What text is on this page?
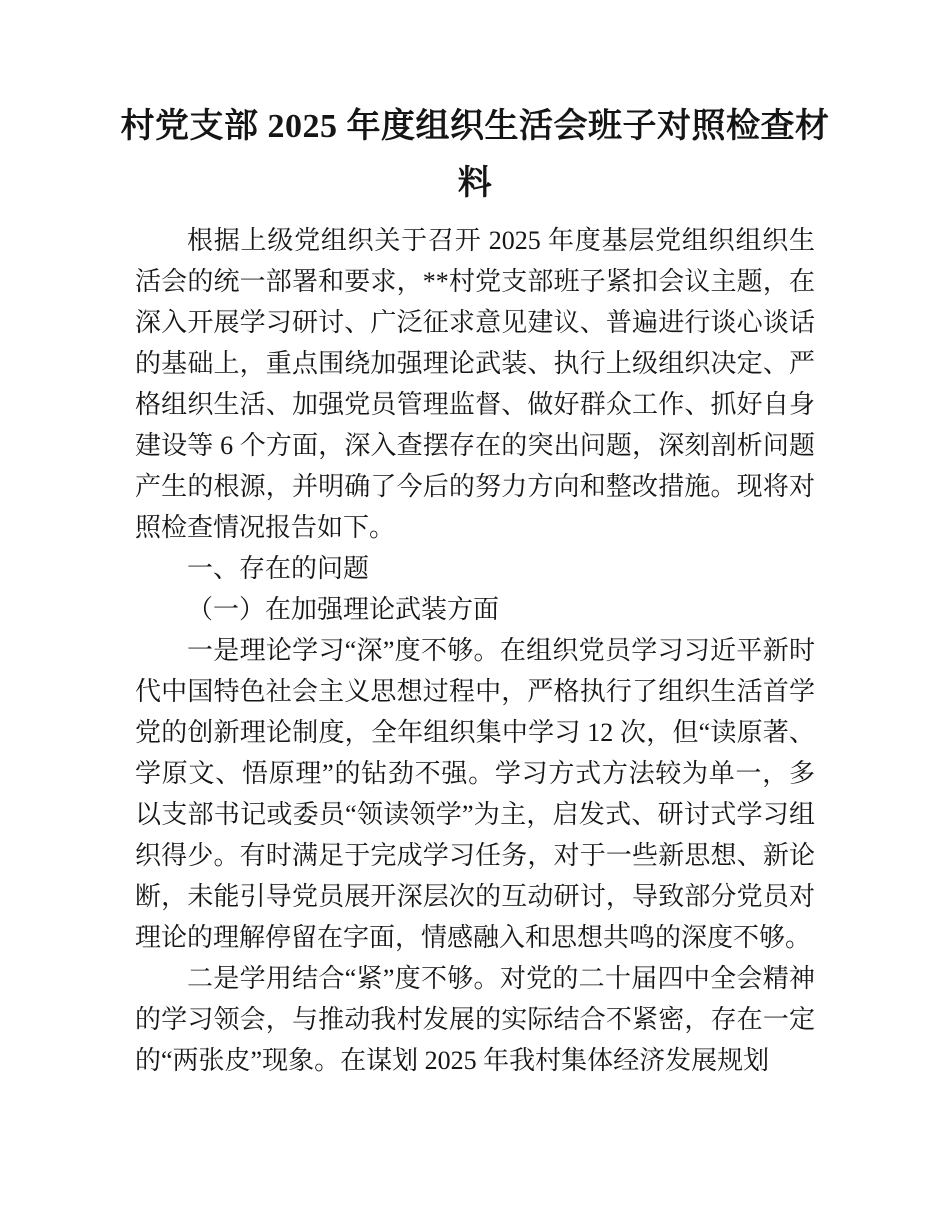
村党支部 2025 年度组织生活会班子对照检查材料

根据上级党组织关于召开 2025 年度基层党组织组织生活会的统一部署和要求，**村党支部班子紧扣会议主题，在深入开展学习研讨、广泛征求意见建议、普遍进行谈心谈话的基础上，重点围绕加强理论武装、执行上级组织决定、严格组织生活、加强党员管理监督、做好群众工作、抓好自身建设等 6 个方面，深入查摆存在的突出问题，深刻剖析问题产生的根源，并明确了今后的努力方向和整改措施。现将对照检查情况报告如下。

一、存在的问题

（一）在加强理论武装方面

一是理论学习“深”度不够。在组织党员学习习近平新时代中国特色社会主义思想过程中，严格执行了组织生活首学党的创新理论制度，全年组织集中学习 12 次，但“读原著、学原文、悟原理”的钻劲不强。学习方式方法较为单一，多以支部书记或委员“领读领学”为主，启发式、研讨式学习组织得少。有时满足于完成学习任务，对于一些新思想、新论断，未能引导党员展开深层次的互动研讨，导致部分党员对理论的理解停留在字面，情感融入和思想共鸣的深度不够。

二是学用结合“紧”度不够。对党的二十届四中全会精神的学习领会，与推动我村发展的实际结合不紧密，存在一定的“两张皮”现象。在谋划 2025 年我村集体经济发展规划
